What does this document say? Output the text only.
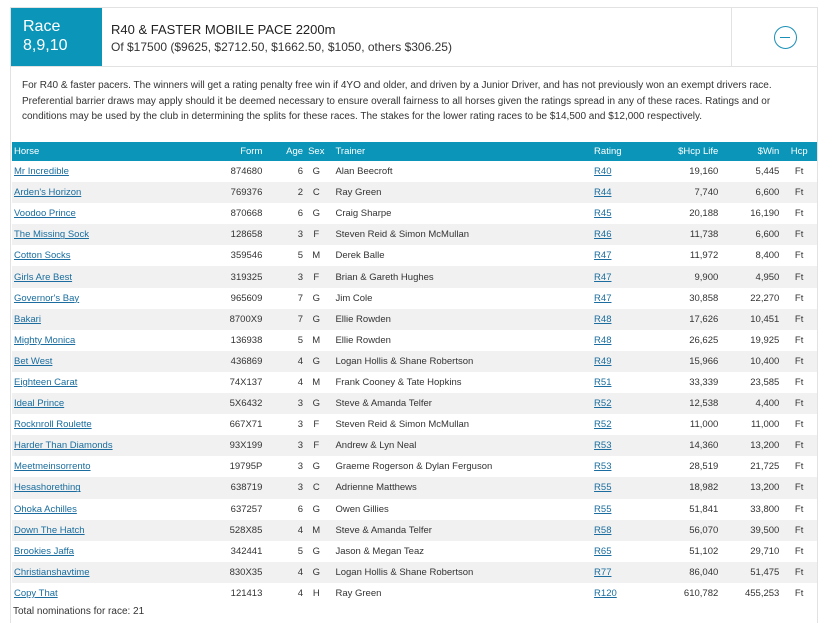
Race
8,9,10
R40 & FASTER MOBILE PACE 2200m
Of $17500 ($9625, $2712.50, $1662.50, $1050, others $306.25)
For R40 & faster pacers. The winners will get a rating penalty free win if 4YO and older, and driven by a Junior Driver, and has not previously won an exempt drivers race. Preferential barrier draws may apply should it be deemed necessary to ensure overall fairness to all horses given the ratings spread in any of these races. Ratings and or conditions may be used by the club in determining the splits for these races. The stakes for the lower rating races to be $14,500 and $12,000 respectively.
Horse	Form	Age	Sex	Trainer	Rating	$Hcp Life	$Win	Hcp
Mr Incredible	874680	6	G	Alan Beecroft	R40	19,160	5,445	Ft
Arden's Horizon	769376	2	C	Ray Green	R44	7,740	6,600	Ft
Voodoo Prince	870668	6	G	Craig Sharpe	R45	20,188	16,190	Ft
The Missing Sock	128658	3	F	Steven Reid & Simon McMullan	R46	11,738	6,600	Ft
Cotton Socks	359546	5	M	Derek Balle	R47	11,972	8,400	Ft
Girls Are Best	319325	3	F	Brian & Gareth Hughes	R47	9,900	4,950	Ft
Governor's Bay	965609	7	G	Jim Cole	R47	30,858	22,270	Ft
Bakari	8700X9	7	G	Ellie Rowden	R48	17,626	10,451	Ft
Mighty Monica	136938	5	M	Ellie Rowden	R48	26,625	19,925	Ft
Bet West	436869	4	G	Logan Hollis & Shane Robertson	R49	15,966	10,400	Ft
Eighteen Carat	74X137	4	M	Frank Cooney & Tate Hopkins	R51	33,339	23,585	Ft
Ideal Prince	5X6432	3	G	Steve & Amanda Telfer	R52	12,538	4,400	Ft
Rocknroll Roulette	667X71	3	F	Steven Reid & Simon McMullan	R52	11,000	11,000	Ft
Harder Than Diamonds	93X199	3	F	Andrew & Lyn Neal	R53	14,360	13,200	Ft
Meetmeinsorrento	19795P	3	G	Graeme Rogerson & Dylan Ferguson	R53	28,519	21,725	Ft
Hesashorething	638719	3	C	Adrienne Matthews	R55	18,982	13,200	Ft
Ohoka Achilles	637257	6	G	Owen Gillies	R55	51,841	33,800	Ft
Down The Hatch	528X85	4	M	Steve & Amanda Telfer	R58	56,070	39,500	Ft
Brookies Jaffa	342441	5	G	Jason & Megan Teaz	R65	51,102	29,710	Ft
Christianshavtime	830X35	4	G	Logan Hollis & Shane Robertson	R77	86,040	51,475	Ft
Copy That	121413	4	H	Ray Green	R120	610,782	455,253	Ft
Total nominations for race: 21
